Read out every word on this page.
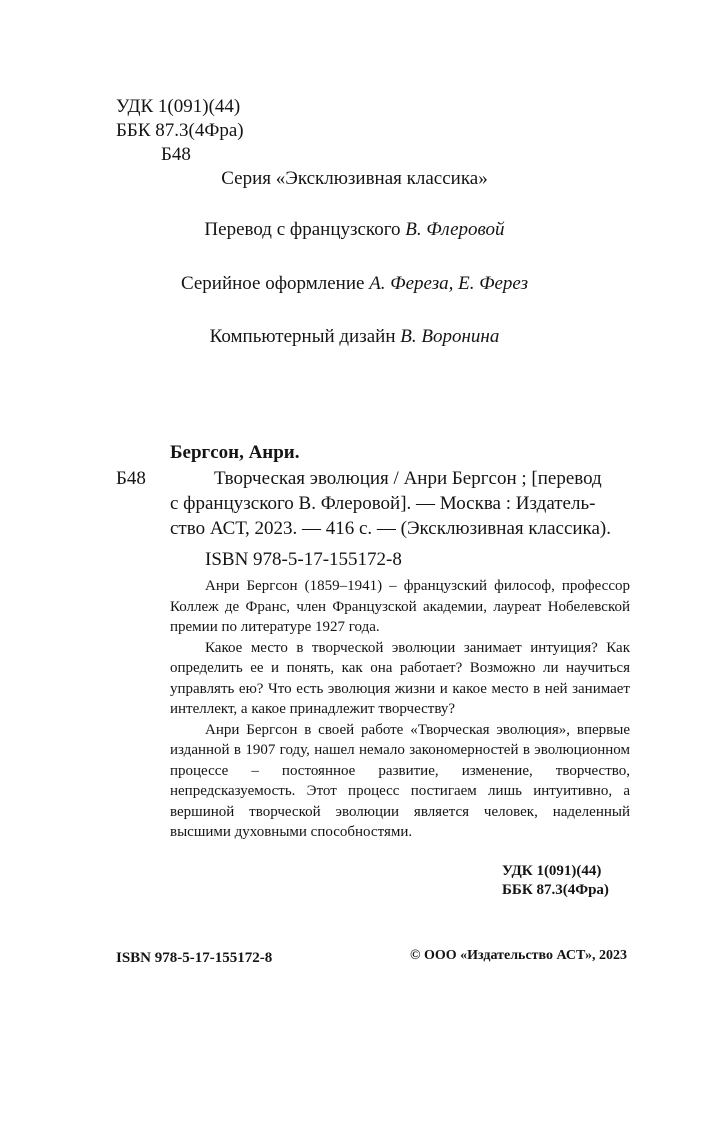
УДК 1(091)(44)
ББК 87.3(4Фра)
Б48
Серия «Эксклюзивная классика»
Перевод с французского В. Флеровой
Серийное оформление А. Фереза, Е. Ферез
Компьютерный дизайн В. Воронина
Бергсон, Анри.
Б48	Творческая эволюция / Анри Бергсон ; [перевод
с французского В. Флеровой]. — Москва : Издатель-
ство АСТ, 2023. — 416 с. — (Эксклюзивная классика).
ISBN 978-5-17-155172-8

Анри Бергсон (1859–1941) – французский философ, профессор Коллеж де Франс, член Французской академии, лауреат Нобелевской премии по литературе 1927 года.

Какое место в творческой эволюции занимает интуиция? Как определить ее и понять, как она работает? Возможно ли научиться управлять ею? Что есть эволюция жизни и какое место в ней занимает интеллект, а какое принадлежит творчеству?

Анри Бергсон в своей работе «Творческая эволюция», впервые изданной в 1907 году, нашел немало закономерностей в эволюционном процессе – постоянное развитие, изменение, творчество, непредсказуемость. Этот процесс постигаем лишь интуитивно, а вершиной творческой эволюции является человек, наделенный высшими духовными способностями.

УДК 1(091)(44)
ББК 87.3(4Фра)
ISBN 978-5-17-155172-8	© ООО «Издательство АСТ», 2023
